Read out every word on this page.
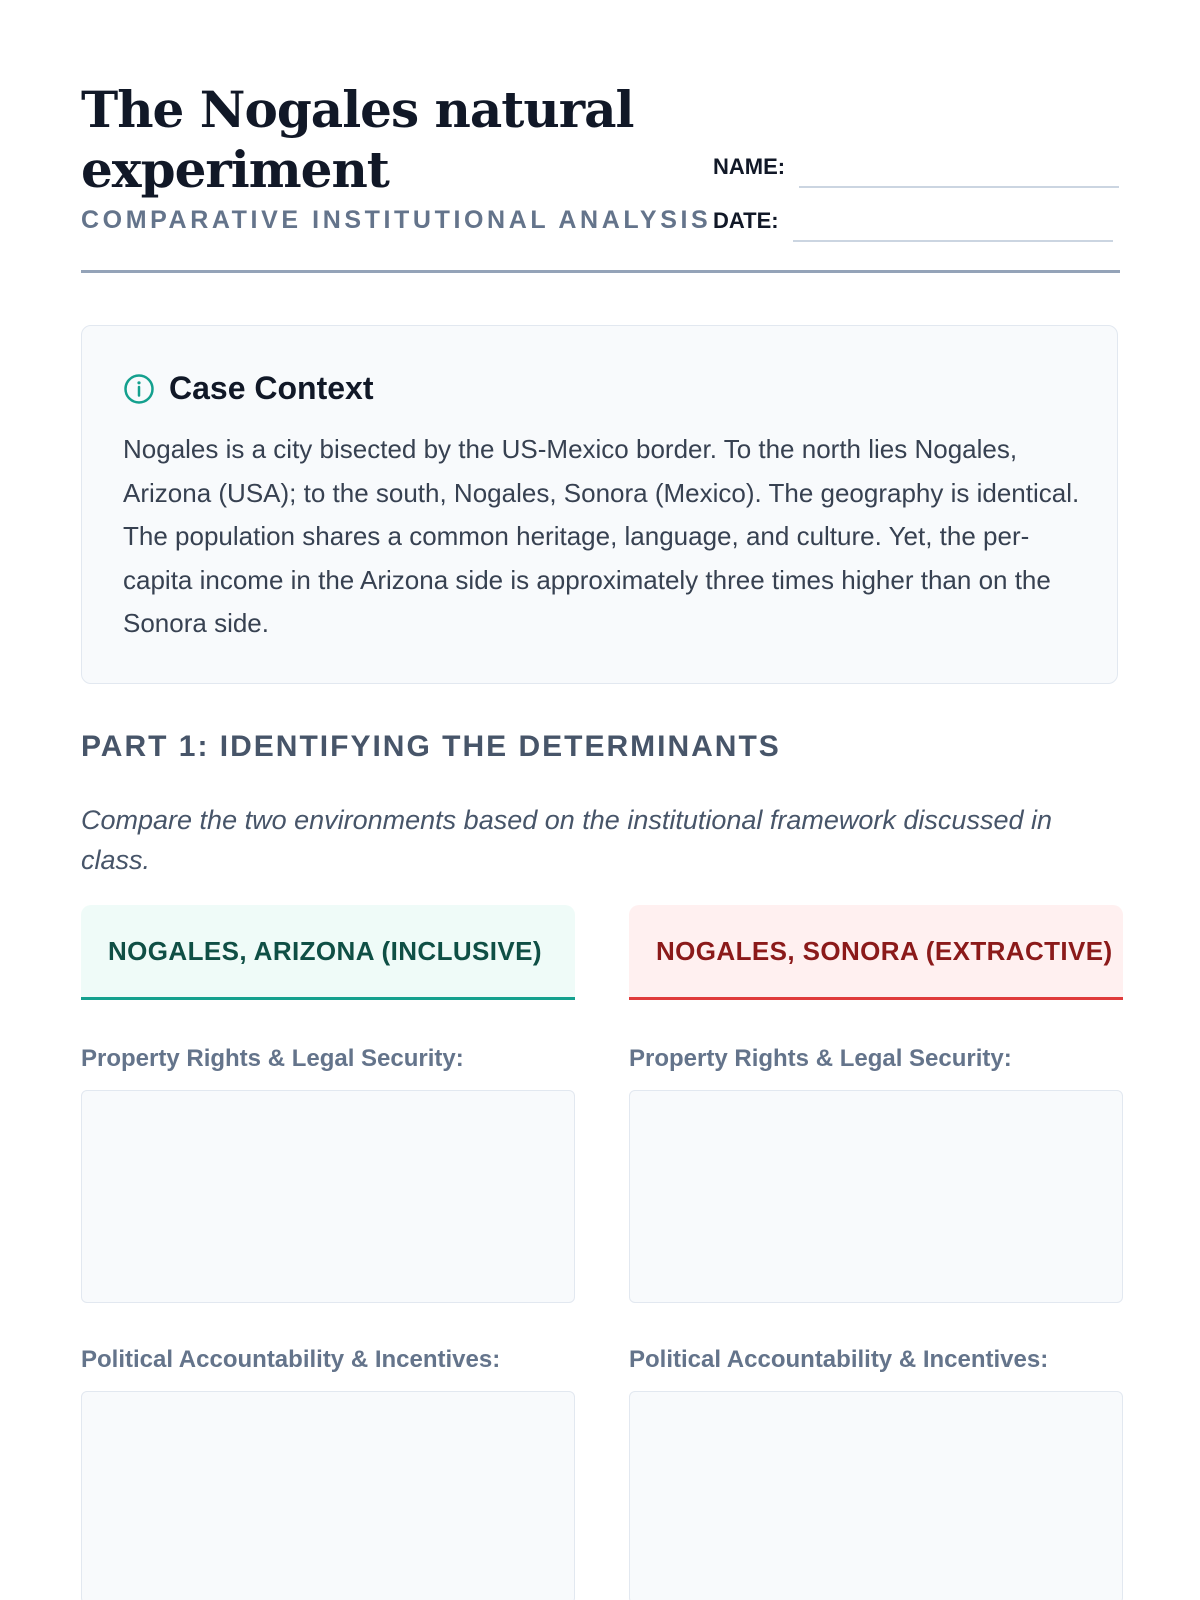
The Nogales natural experiment
COMPARATIVE INSTITUTIONAL ANALYSIS
NAME:
DATE:
Case Context

Nogales is a city bisected by the US-Mexico border. To the north lies Nogales, Arizona (USA); to the south, Nogales, Sonora (Mexico). The geography is identical. The population shares a common heritage, language, and culture. Yet, the per-capita income in the Arizona side is approximately three times higher than on the Sonora side.

PART 1: IDENTIFYING THE DETERMINANTS

Compare the two environments based on the institutional framework discussed in class.

NOGALES, ARIZONA (INCLUSIVE)
Property Rights & Legal Security:
Political Accountability & Incentives:
NOGALES, SONORA (EXTRACTIVE)
Property Rights & Legal Security:
Political Accountability & Incentives:
